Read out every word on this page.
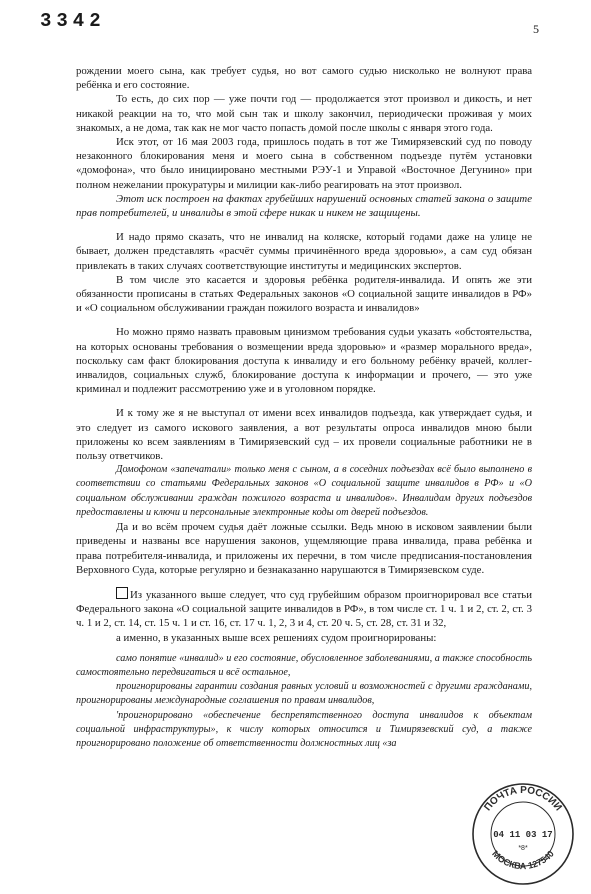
3342	5

рождении моего сына, как требует судья, но вот самого судью нисколько не волнуют права ребёнка и его состояние.

То есть, до сих пор — уже почти год — продолжается этот произвол и дикость, и нет никакой реакции на то, что мой сын так и школу закончил, периодически проживая у моих знакомых, а не дома, так как не мог часто попасть домой после школы с января этого года.

Иск этот, от 16 мая 2003 года, пришлось подать в тот же Тимирязевский суд по поводу незаконного блокирования меня и моего сына в собственном подъезде путём установки «домофона», что было инициировано местными РЭУ-1 и Управой «Восточное Дегунино» при полном нежелании прокуратуры и милиции как-либо реагировать на этот произвол.

Этот иск построен на фактах грубейших нарушений основных статей закона о защите прав потребителей, и инвалиды в этой сфере никак и никем не защищены.

И надо прямо сказать, что не инвалид на коляске, который годами даже на улице не бывает, должен представлять «расчёт суммы причинённого вреда здоровью», а сам суд обязан привлекать в таких случаях соответствующие институты и медицинских экспертов.

В том числе это касается и здоровья ребёнка родителя-инвалида. И опять же эти обязанности прописаны в статьях Федеральных законов «О социальной защите инвалидов в РФ» и «О социальном обслуживании граждан пожилого возраста и инвалидов»

Но можно прямо назвать правовым цинизмом требования судьи указать «обстоятельства, на которых основаны требования о возмещении вреда здоровью» и «размер морального вреда», поскольку сам факт блокирования доступа к инвалиду и его больному ребёнку врачей, коллег-инвалидов, социальных служб, блокирование доступа к информации и прочего, — это уже криминал и подлежит рассмотрению уже и в уголовном порядке.

И к тому же я не выступал от имени всех инвалидов подъезда, как утверждает судья, и это следует из самого искового заявления, а вот результаты опроса инвалидов мною были приложены ко всем заявлениям в Тимирязевский суд – их провели социальные работники не в пользу ответчиков.

Домофоном «запечатали» только меня с сыном, а в соседних подъездах всё было выполнено в соответствии со статьями Федеральных законов «О социальной защите инвалидов в РФ» и «О социальном обслуживании граждан пожилого возраста и инвалидов». Инвалидам других подъездов предоставлены и ключи и персональные электронные коды от дверей подъездов.

Да и во всём прочем судья даёт ложные ссылки. Ведь мною в исковом заявлении были приведены и названы все нарушения законов, ущемляющие права инвалида, права ребёнка и права потребителя-инвалида, и приложены их перечни, в том числе предписания-постановления Верховного Суда, которые регулярно и безнаказанно нарушаются в Тимирязевском суде.

Из указанного выше следует, что суд грубейшим образом проигнорировал все статьи Федерального закона «О социальной защите инвалидов в РФ», в том числе ст. 1 ч. 1 и 2, ст. 2, ст. 3 ч. 1 и 2, ст. 14, ст. 15 ч. 1 и ст. 16, ст. 17 ч. 1, 2, 3 и 4, ст. 20 ч. 5, ст. 28, ст. 31 и 32,

а именно, в указанных выше всех решениях судом проигнорированы:

само понятие «инвалид» и его состояние, обусловленное заболеваниями, а также способность самостоятельно передвигаться и всё остальное,

проигнорированы гарантии создания равных условий и возможностей с другими гражданами, проигнорированы международные соглашения по правам инвалидов,

'проигнорировано «обеспечение беспрепятственного доступа инвалидов к объектам социальной инфраструктуры», к числу которых относится и Тимирязевский суд, а также проигнорировано положение об ответственности должностных лиц «за

ПОЧТА РОССИИ
МОСКВА 127540
04 11 03 17
*8*
